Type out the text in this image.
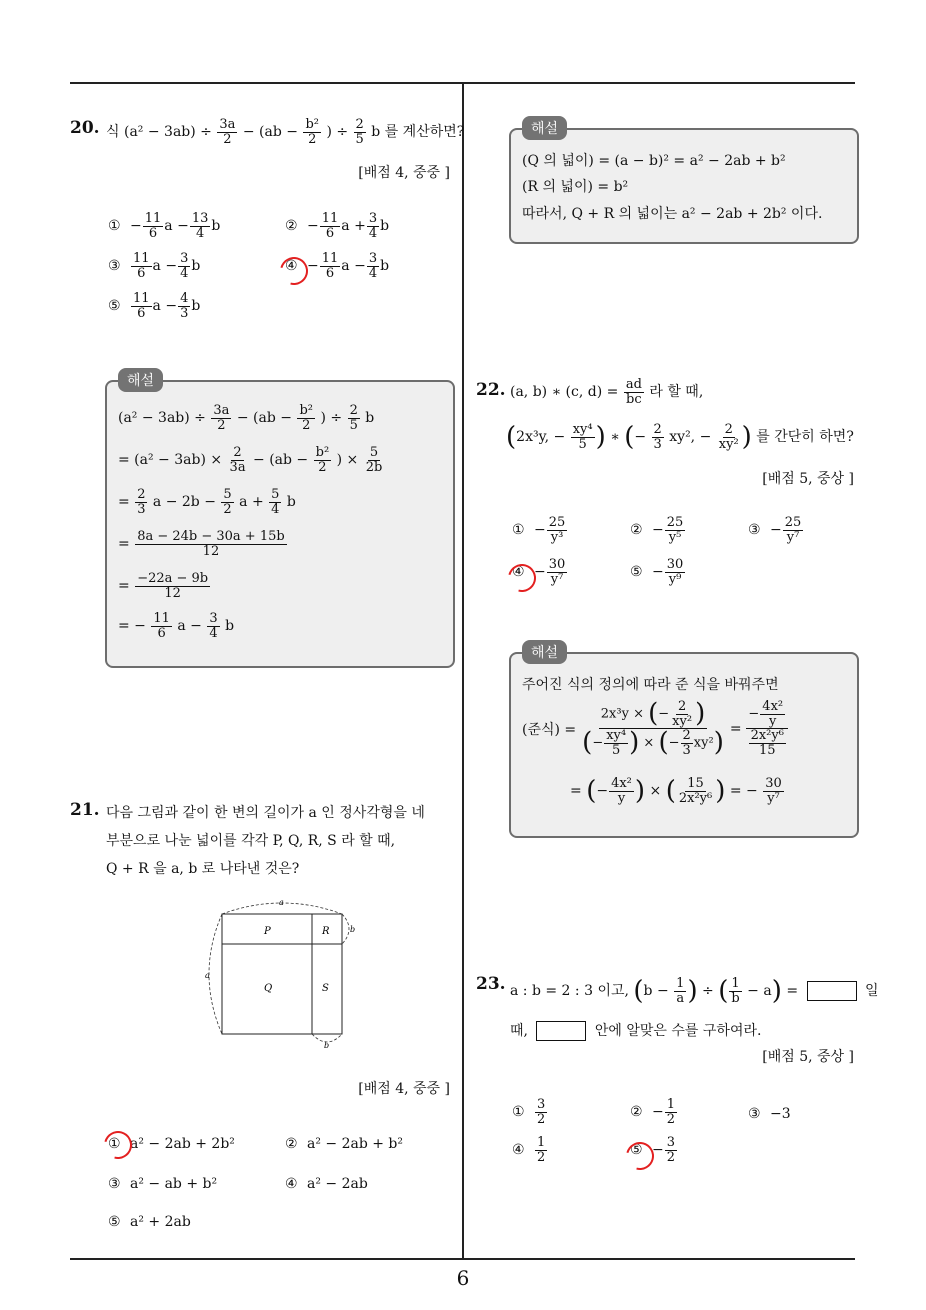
6
20. 식 $(a^2 - 3ab) \div \frac{3a}{2} - (ab - \frac{\text{b²}}{2}$ ) ÷ $\frac{2}{5}$ b 를 계산하면?
[배점 4, 중중 ]
① − $\frac{11}{6}$ $a - \frac{13}{4}$ b	② − $\frac{11}{6}$ $a + \frac{3}{4}$ b
③ $\frac{11}{6}$ $a - \frac{3}{4}$ b	④ − $\frac{11}{6}$ $a - \frac{3}{4}$ b
⑤ $\frac{11}{6}$ $a - \frac{4}{3}$ b
해설
$(a^2 - 3ab) \div \frac{3a}{2} - (ab - \frac{\text{b²}}{2}$ ) ÷ $\frac{2}{5}$ b
= $(a^2 - 3ab) \times \frac{2}{3a} - (ab - \frac{\text{b²}}{2}$ ) × $\frac{5}{2b}$
= $\frac{2}{3}$ $a - 2b - \frac{5}{2}$ $a + \frac{5}{4}$ b
= $\frac{8a - 24b - 30a + 15b}{12}$
= $\frac{-22a - 9b}{12}$
= − $\frac{11}{6}$ $a - \frac{3}{4}$ b
21. 다음 그림과 같이 한 변의 길이가 a 인 정사각형을 네
부분으로 나눈 넓이를 각각 P, Q, R, S 라 할 때,
Q + R 을 a, b 로 나타낸 것은?
P	R
Q	S
a
a
b
b
[배점 4, 중중 ]
① a² − 2ab + 2b²	② a² − 2ab + b²
③ a² − ab + b²	④ a² − 2ab
⑤ a² + 2ab
해설
(Q 의 넓이) = (a − b)² = a² − 2ab + b²
(R 의 넓이) = b²
따라서, Q + R 의 넓이는 a² − 2ab + 2b² 이다.
22. (a, b) ∗ (c, $d) = \frac{ad}{bc}$ 라 할 때,
(2x³y, − $\frac{\text{xy⁴}}{5}$ ) ∗ (− $\frac{2}{3} xy^2$, − $\frac{2}{\text{xy²}}$ ) 를 간단히 하면?
[배점 5, 중상 ]
① − $\frac{25}{\text{y³}}$	② − $\frac{25}{\text{y⁵}}$	③ − $\frac{25}{\text{y⁷}}$
④ − $\frac{30}{\text{y⁷}}$	⑤ − $\frac{30}{\text{y⁹}}$
해설
주어진 식의 정의에 따라 준 식을 바꿔주면
(준식) = $\frac{2x^3y \times (- \frac{2}{\text{xy²}} )}{(- \frac{\text{xy⁴}}{5} ) \times (- \frac{2}{3} xy^2)} = \frac{- \frac{\text{4x²}}{y}}{\frac{\text{2x²y⁶}}{15}}$
= (− $\frac{\text{4x²}}{y}$ ) × ( $\frac{15}{\text{2x²y⁶}}$ ) = − $\frac{30}{\text{y⁷}}$
23. a : b = 2 : 3 이고, ($b - \frac{1}{a}$ ) ÷ ( $\frac{1}{b} - a$) =	일
때,	안에 알맞은 수를 구하여라.
[배점 5, 중상 ]
① $\frac{3}{2}$	② − $\frac{1}{2}$	③ −3
④ $\frac{1}{2}$	⑤ − $\frac{3}{2}$
